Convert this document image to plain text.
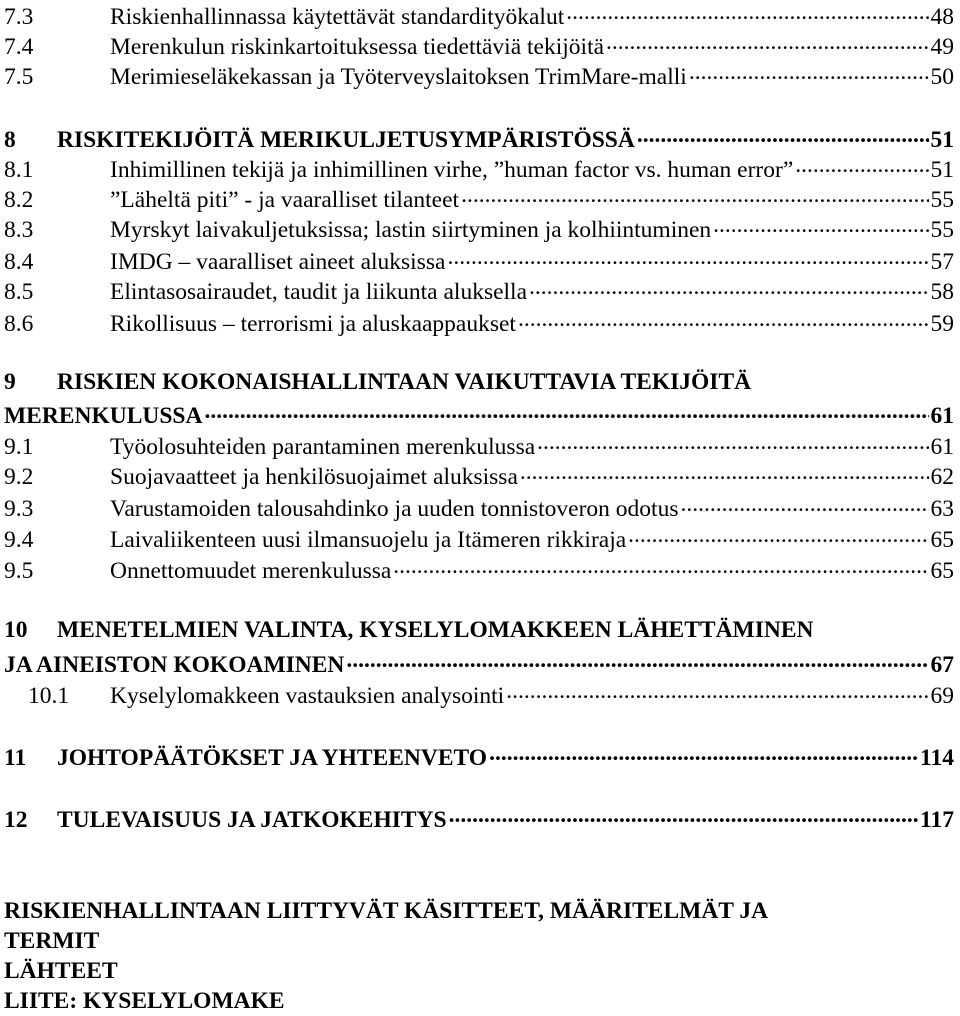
7.3	Riskienhallinnassa käytettävät standardityökalut .....	48
7.4	Merenkulun riskinkartoituksessa tiedettäviä tekijöitä .....	49
7.5	Merimieseläkekassan ja Työterveyslaitoksen TrimMare-malli .....	50
8	RISKITEKIJÖITÄ MERIKULJETUSYMPÄRISTÖSSÄ .....	51
8.1	Inhimillinen tekijä ja inhimillinen virhe, ”human factor vs. human error” .....	51
8.2	”Läheltä piti” - ja vaaralliset tilanteet .....	55
8.3	Myrskyt laivakuljetuksissa; lastin siirtyminen ja kolhiintuminen .....	55
8.4	IMDG – vaaralliset aineet aluksissa .....	57
8.5	Elintasosairaudet, taudit ja liikunta aluksella .....	58
8.6	Rikollisuus – terrorismi ja aluskaappaukset .....	59
9	RISKIEN KOKONAISHALLINTAAN VAIKUTTAVIA TEKIJÖITÄ
MERENKULUSSA .....	61
9.1	Työolosuhteiden parantaminen merenkulussa .....	61
9.2	Suojavaatteet ja henkilösuojaimet aluksissa .....	62
9.3	Varustamoiden talousahdinko ja uuden tonnistoveron odotus .....	63
9.4	Laivaliikenteen uusi ilmansuojelu ja Itämeren rikkiraja .....	65
9.5	Onnettomuudet merenkulussa .....	65
10	MENETELMIEN VALINTA, KYSELYLOMAKKEEN LÄHETTÄMINEN
JA AINEISTON KOKOAMINEN .....	67
10.1	Kyselylomakkeen vastauksien analysointi .....	69
11	JOHTOPÄÄTÖKSET JA YHTEENVETO .....	114
12	TULEVAISUUS JA JATKOKEHITYS .....	117
RISKIENHALLINTAAN LIITTYVÄT KÄSITTEET, MÄÄRITELMÄT JA
TERMIT
LÄHTEET
LIITE: KYSELYLOMAKE
